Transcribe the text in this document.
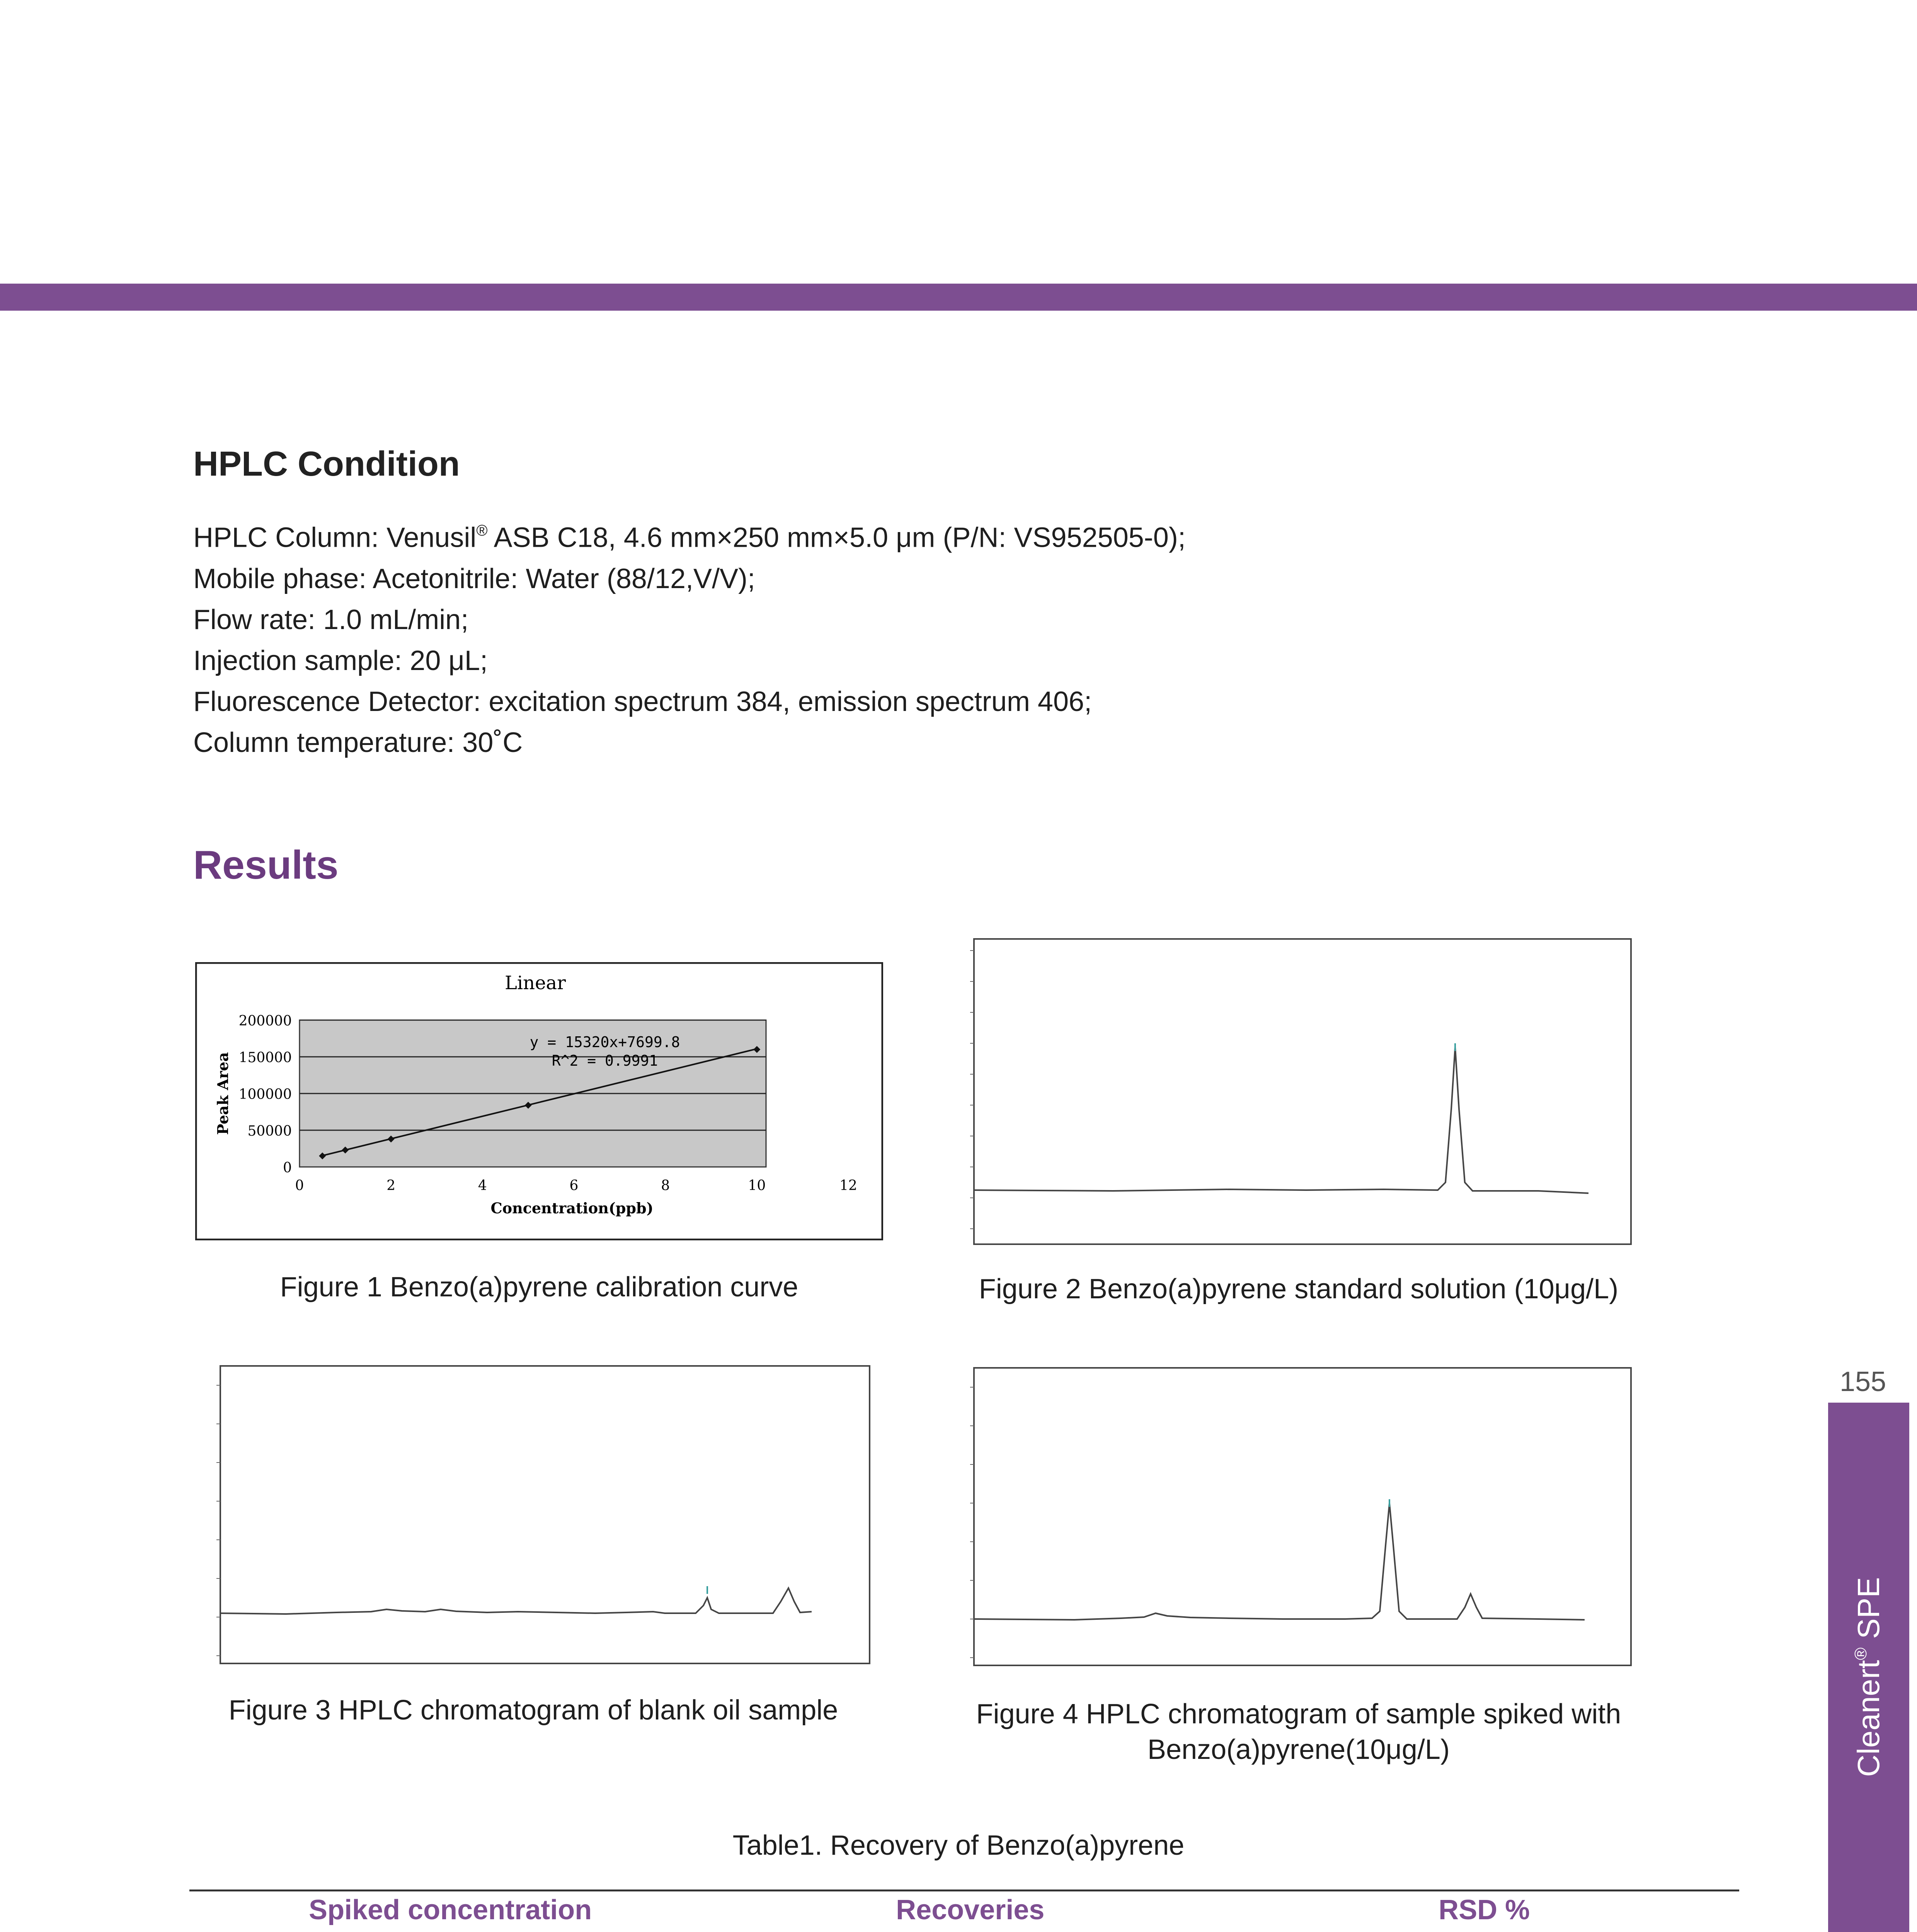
HPLC Condition
HPLC Column: Venusil® ASB C18, 4.6 mm×250 mm×5.0 μm (P/N: VS952505-0);
Mobile phase: Acetonitrile: Water (88/12,V/V);
Flow rate: 1.0 mL/min;
Injection sample: 20 μL;
Fluorescence Detector: excitation spectrum 384, emission spectrum 406;
Column temperature: 30˚C
Results
Linear
200000
150000
100000
50000
0
0	2	4	6	8	10	12
y = 15320x+7699.8
R^2 = 0.9991
Concentration(ppb)
Peak Area
Figure 1 Benzo(a)pyrene calibration curve	Figure 2 Benzo(a)pyrene standard solution (10μg/L)
Figure 3 HPLC chromatogram of blank oil sample	Figure 4 HPLC chromatogram of sample spiked with
Benzo(a)pyrene(10μg/L)
Table1. Recovery of Benzo(a)pyrene
Spiked concentration	Recoveries	RSD %

155
Cleanert® SPE
